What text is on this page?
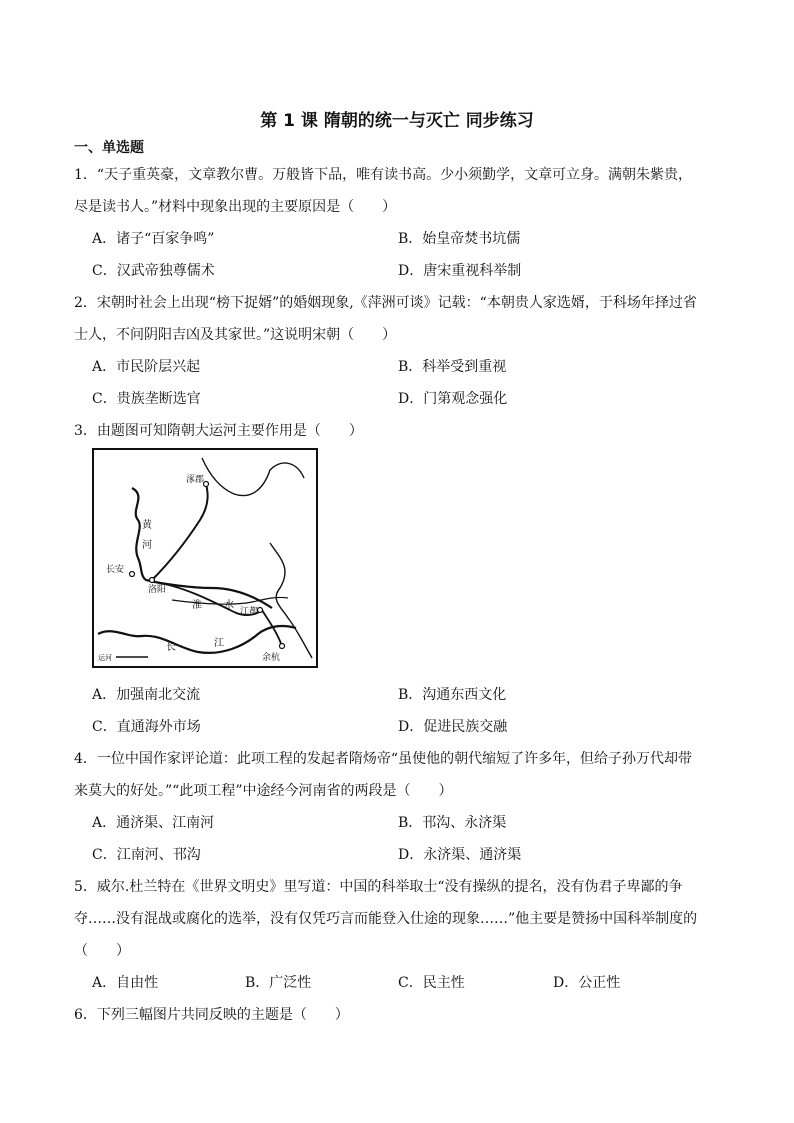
第 1 课 隋朝的统一与灭亡 同步练习
一、单选题
1．“天子重英豪，文章教尔曹。万般皆下品，唯有读书高。少小须勤学，文章可立身。满朝朱紫贵，
尽是读书人。”材料中现象出现的主要原因是（　　）
A．诸子“百家争鸣”	B．始皇帝焚书坑儒
C．汉武帝独尊儒术	D．唐宋重视科举制
2．宋朝时社会上出现“榜下捉婿”的婚姻现象,《萍洲可谈》记载：“本朝贵人家选婿，于科场年择过省
士人，不问阴阳吉凶及其家世。”这说明宋朝（　　）
A．市民阶层兴起	B．科举受到重视
C．贵族垄断选官	D．门第观念强化
3．由题图可知隋朝大运河主要作用是（　　）
涿郡
黄
河
长安
洛阳
淮 水
江都
长	江
余杭
运河
A．加强南北交流	B．沟通东西文化
C．直通海外市场	D．促进民族交融
4．一位中国作家评论道：此项工程的发起者隋炀帝“虽使他的朝代缩短了许多年，但给子孙万代却带
来莫大的好处。”“此项工程”中途经今河南省的两段是（　　）
A．通济渠、江南河	B．邗沟、永济渠
C．江南河、邗沟	D．永济渠、通济渠
5．威尔.杜兰特在《世界文明史》里写道：中国的科举取士“没有操纵的提名，没有伪君子卑鄙的争
夺……没有混战或腐化的选举，没有仅凭巧言而能登入仕途的现象……”他主要是赞扬中国科举制度的
（　　）
A．自由性	B．广泛性	C．民主性	D．公正性
6．下列三幅图片共同反映的主题是（　　）
